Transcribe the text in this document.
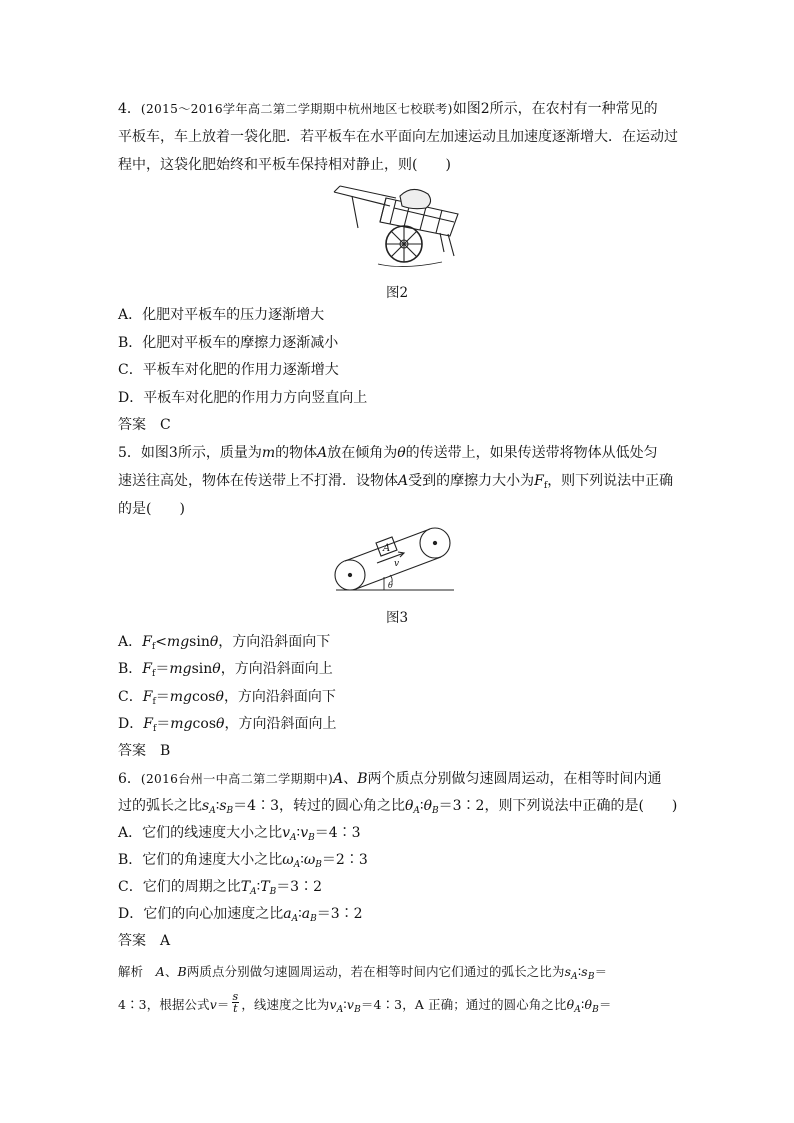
4．(2015～2016学年高二第二学期期中杭州地区七校联考)如图2所示，在农村有一种常见的
平板车，车上放着一袋化肥．若平板车在水平面向左加速运动且加速度逐渐增大．在运动过
程中，这袋化肥始终和平板车保持相对静止，则(　　)
图2
A．化肥对平板车的压力逐渐增大
B．化肥对平板车的摩擦力逐渐减小
C．平板车对化肥的作用力逐渐增大
D．平板车对化肥的作用力方向竖直向上
答案　C
5．如图3所示，质量为m的物体A放在倾角为θ的传送带上，如果传送带将物体从低处匀
速送往高处，物体在传送带上不打滑．设物体A受到的摩擦力大小为$F_f$，则下列说法中正确
的是(　　)
A
v
θ
图3
A．$F_f<mgsin\theta$，方向沿斜面向下
B．$F_f=mgsin\theta$，方向沿斜面向上
C．$F_f=mgcos\theta$，方向沿斜面向下
D．$F_f=mgcos\theta$，方向沿斜面向上
答案　B
6．(2016台州一中高二第二学期期中)A、B两个质点分别做匀速圆周运动，在相等时间内通
过的弧长之比$s_A∶s_B=4∶3$，转过的圆心角之比$\theta_A∶\theta_B=3∶2$，则下列说法中正确的是(　　)
A．它们的线速度大小之比$v_A∶v_B=4∶3$
B．它们的角速度大小之比$\omega_A∶\omega_B=2∶3$
C．它们的周期之比$T_A∶T_B=3∶2$
D．它们的向心加速度之比$a_A∶a_B=3∶2$
答案　A
解析　 A、B两质点分别做匀速圆周运动，若在相等时间内它们通过的弧长之比为$s_A∶s_B=$
4∶3，根据公式$v= \frac{s}{t}$ ，线速度之比为$v_A∶v_B=4∶3$，A 正确；通过的圆心角之比$\theta_A∶\theta_B=$
